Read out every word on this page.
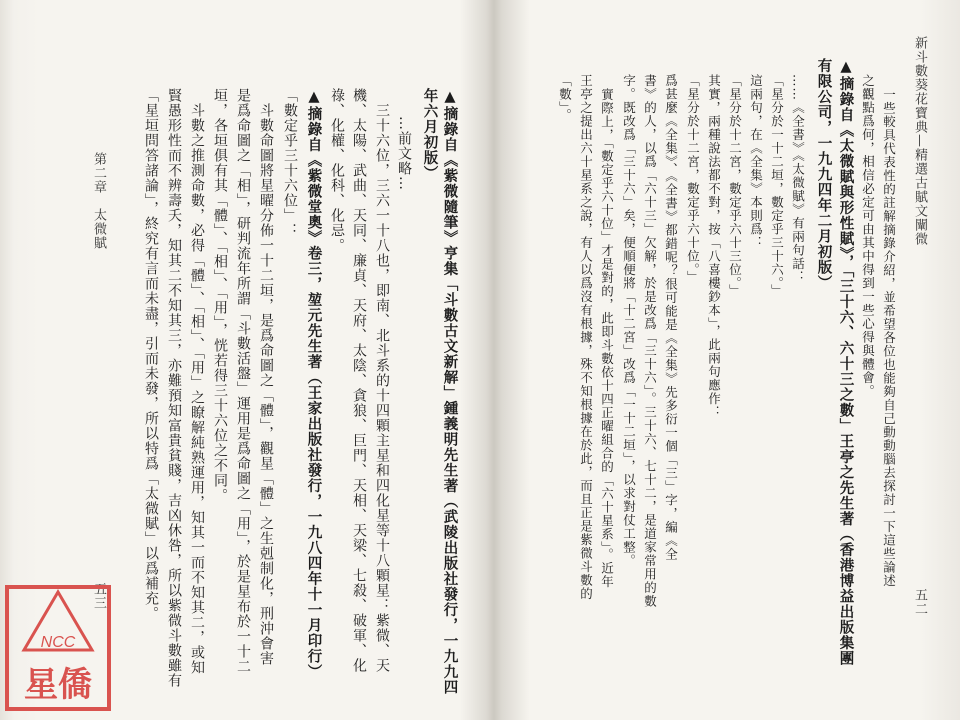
五三
第二章　太微賦	▲摘錄自《紫微隨筆》亨集「斗數古文新解」鍾義明先生著（武陵出版社發行，一九九四
年六月初版）
…前文略…
三十六位，三六一十八也，即南、北斗系的十四顆主星和四化星等十八顆星：紫微、天
機、太陽、武曲、天同、廉貞、天府、太陰、貪狼、巨門、天相、天梁、七殺、破軍、化
祿、化權、化科、化忌。
▲摘錄自《紫微堂奧》卷三，堃元先生著（王家出版社發行，一九八四年十一月印行）
「數定乎三十六位」：
斗數命圖將星曜分佈一十二垣，是爲命圖之「體」，觀星「體」之生剋制化，刑沖會害
是爲命圖之「相」，研判流年所謂「斗數活盤」運用是爲命圖之「用」，於是星布於一十二
垣，各垣俱有其「體」、「相」、「用」，恍若得三十六位之不同。
斗數之推測命數，必得「體」、「相」、「用」之瞭解純熟運用，知其一而不知其二，或知
賢愚形性而不辨壽夭，知其二不知其三，亦難預知富貴貧賤，吉凶休咎，所以紫微斗數雖有
「星垣問答諸論」，終究有言而未盡，引而未發，所以特爲「太微賦」以爲補充。	新斗數葵花寶典—精選古賦文闡微
五二
一些較具代表性的註解摘錄介紹，並希望各位也能夠自己動動腦去探討一下這些論述
之觀點爲何，相信必定可由其中得到一些心得與體會。
▲摘錄自《太微賦與形性賦》，「三十六、六十三之數」王亭之先生著（香港博益出版集團
有限公司，一九九四年二月初版）
……《全書》《太微賦》有兩句話：
「星分於一十二垣，數定乎三十六。」
這兩句，在《全集》本則爲：
「星分於十二宮，數定乎六十三位。」
其實，兩種說法都不對，按「八喜樓鈔本」，此兩句應作：
「星分於十二宮，數定乎六十位。」
爲甚麼《全集》、《全書》都錯呢？很可能是《全集》先多衍一個「三」字，編《全
書》的人，以爲「六十三」欠解，於是改爲「三十六」。三十六、七十二，是道家常用的數
字。既改爲「三十六」矣，便順便將「十二宮」改爲「一十二垣」，以求對仗工整。
實際上，「數定乎六十位」才是對的，此即斗數依十四正曜組合的「六十星系」。近年
王亭之提出六十星系之說，有人以爲沒有根據，殊不知根據在於此，而且正是紫微斗數的
「數」。
NCC
星僑
